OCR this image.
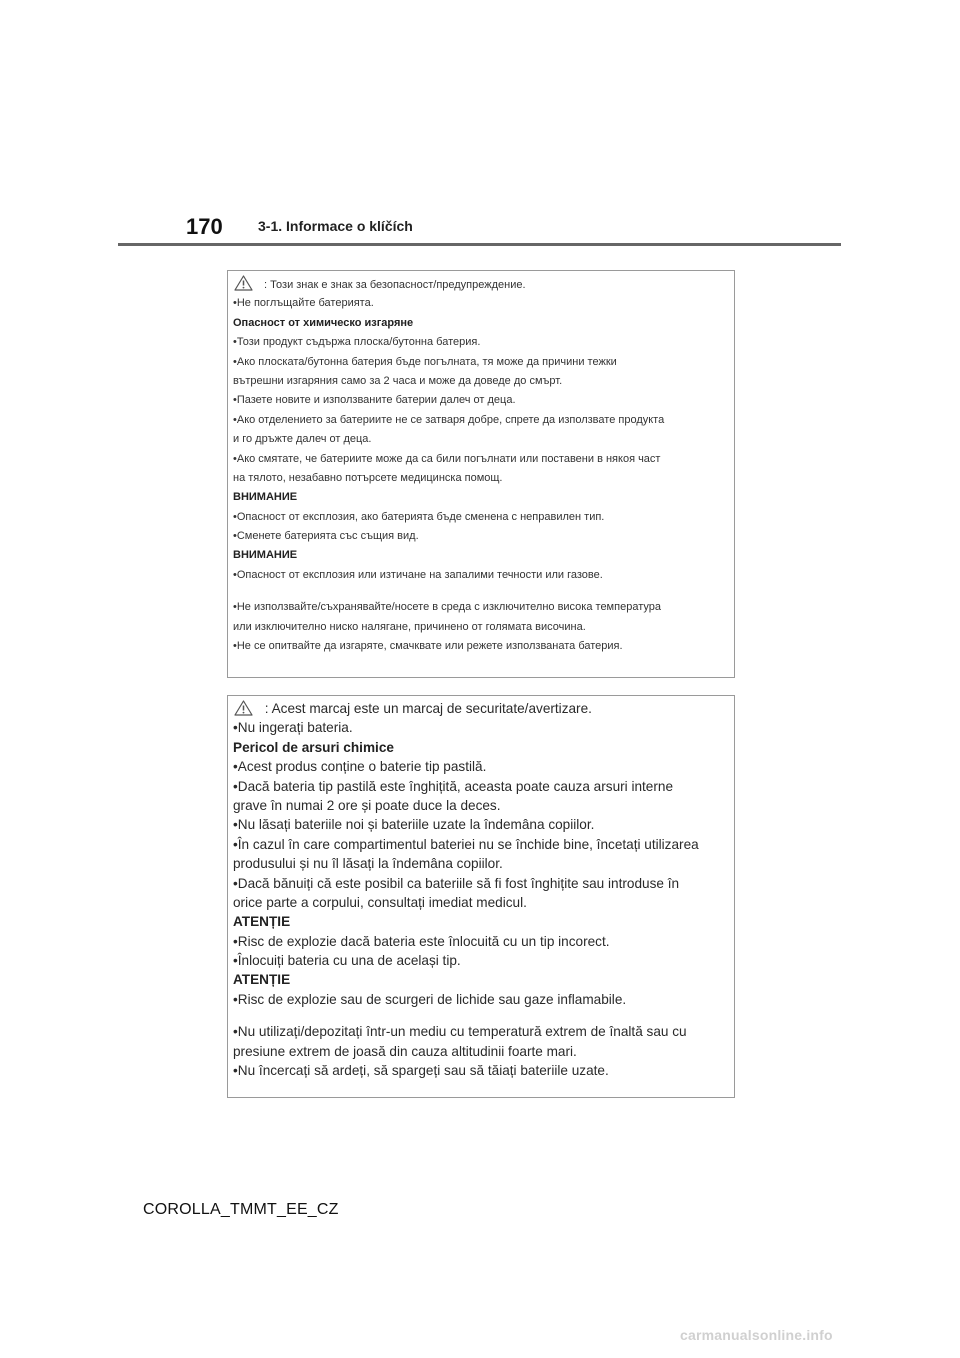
170	3-1. Informace o klíčích
: Този знак е знак за безопасност/предупреждение.
•Не поглъщайте батерията.
Опасност от химическо изгаряне
•Този продукт съдържа плоска/бутонна батерия.
•Ако плоската/бутонна батерия бъде погълната, тя може да причини тежки
вътрешни изгаряния само за 2 часа и може да доведе до смърт.
•Пазете новите и използваните батерии далеч от деца.
•Ако отделението за батериите не се затваря добре, спрете да използвате продукта
и го дръжте далеч от деца.
•Ако смятате, че батериите може да са били погълнати или поставени в някоя част
на тялото, незабавно потърсете медицинска помощ.
ВНИМАНИЕ
•Опасност от експлозия, ако батерията бъде сменена с неправилен тип.
•Сменете батерията със същия вид.
ВНИМАНИЕ
•Опасност от експлозия или изтичане на запалими течности или газове.
•Не използвайте/съхранявайте/носете в среда с изключително висока температура
или изключително ниско налягане, причинено от голямата височина.
•Не се опитвайте да изгаряте, смачквате или режете използваната батерия.
: Acest marcaj este un marcaj de securitate/avertizare.
•Nu ingerați bateria.
Pericol de arsuri chimice
•Acest produs conține o baterie tip pastilă.
•Dacă bateria tip pastilă este înghițită, aceasta poate cauza arsuri interne
grave în numai 2 ore și poate duce la deces.
•Nu lăsați bateriile noi și bateriile uzate la îndemâna copiilor.
•În cazul în care compartimentul bateriei nu se închide bine, încetați utilizarea
produsului și nu îl lăsați la îndemâna copiilor.
•Dacă bănuiți că este posibil ca bateriile să fi fost înghițite sau introduse în
orice parte a corpului, consultați imediat medicul.
ATENȚIE
•Risc de explozie dacă bateria este înlocuită cu un tip incorect.
•Înlocuiți bateria cu una de același tip.
ATENȚIE
•Risc de explozie sau de scurgeri de lichide sau gaze inflamabile.
•Nu utilizați/depozitați într-un mediu cu temperatură extrem de înaltă sau cu
presiune extrem de joasă din cauza altitudinii foarte mari.
•Nu încercați să ardeți, să spargeți sau să tăiați bateriile uzate.
COROLLA_TMMT_EE_CZ
carmanualsonline.info
